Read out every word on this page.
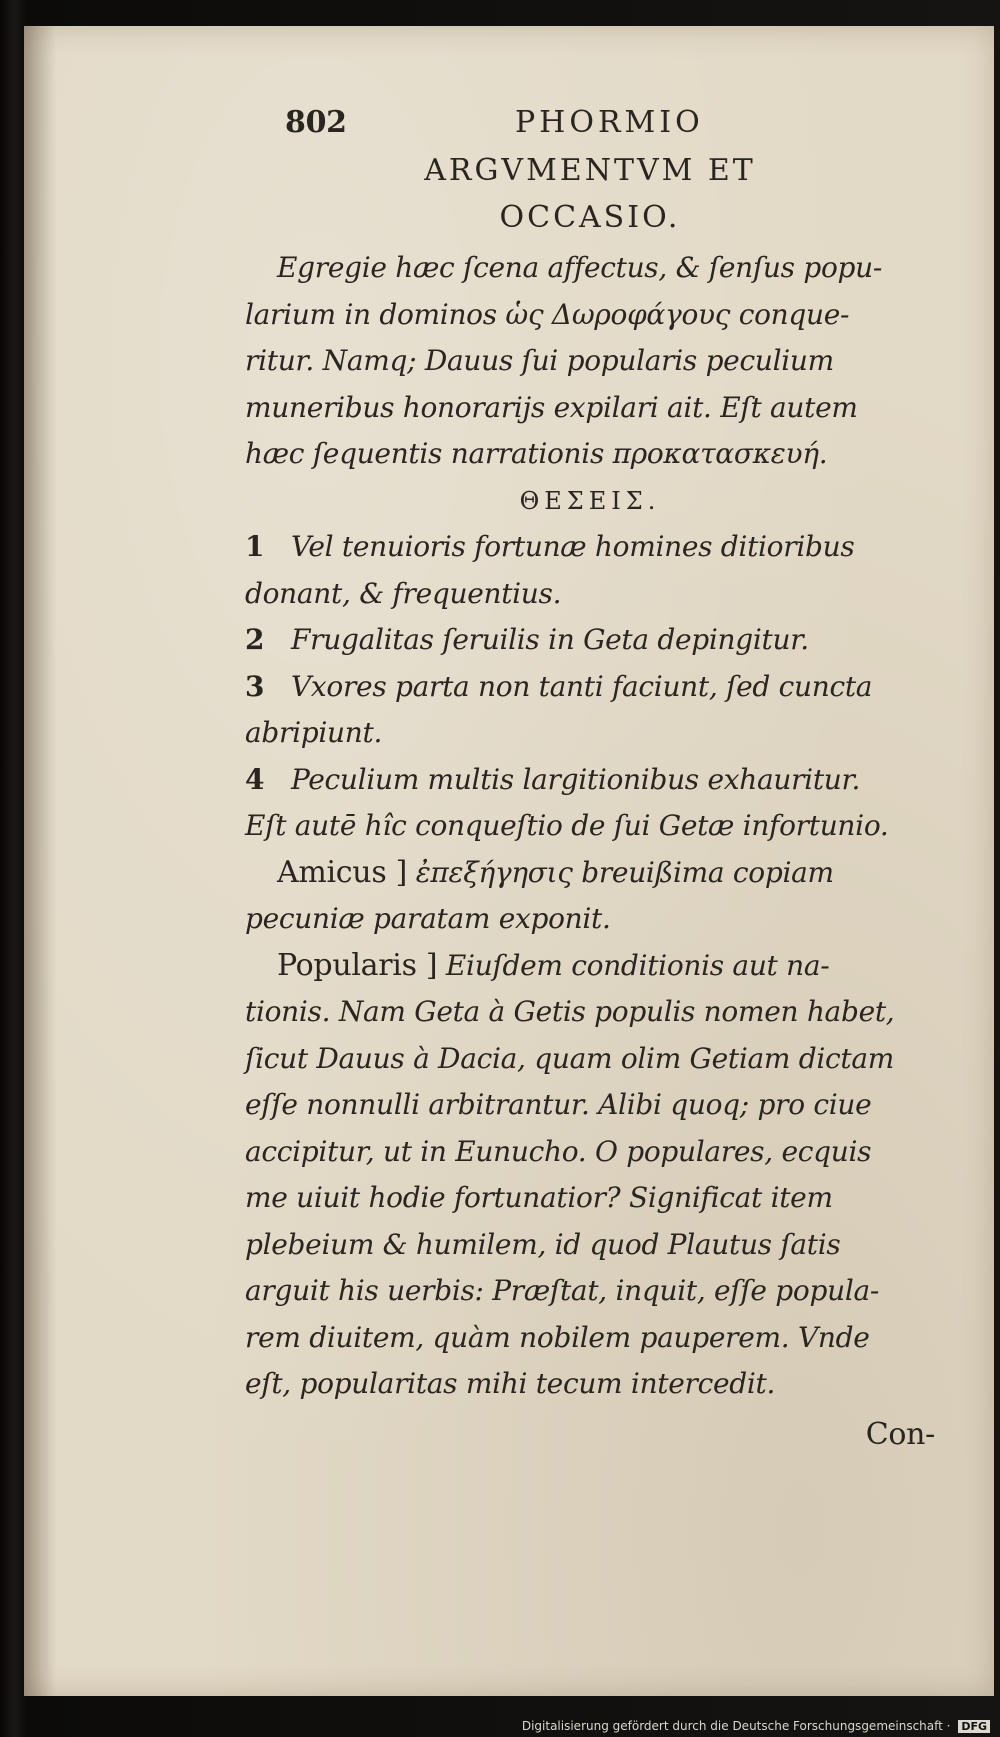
802	PHORMIO
ARGVMENTVM ET
OCCASIO.

Egregie hæc ſcena affectus, & ſenſus popu-

larium in dominos ὡς Δωροφάγους conque-

ritur. Namq; Dauus ſui popularis peculium

muneribus honorarijs expilari ait. Eſt autem

hæc ſequentis narrationis προκατασκευή.

ΘΕΣΕΙΣ.

1 Vel tenuioris fortunæ homines ditioribus

donant, & frequentius.

2 Frugalitas ſeruilis in Geta depingitur.

3 Vxores parta non tanti faciunt, ſed cuncta

abripiunt.

4 Peculium multis largitionibus exhauritur.

Eſt autē hîc conqueſtio de ſui Getæ infortunio.

Amicus ] ἐπεξήγησις breuißima copiam

pecuniæ paratam exponit.

Popularis ] Eiuſdem conditionis aut na-

tionis. Nam Geta à Getis populis nomen habet,

ſicut Dauus à Dacia, quam olim Getiam dictam

eſſe nonnulli arbitrantur. Alibi quoq; pro ciue

accipitur, ut in Eunucho. O populares, ecquis

me uiuit hodie fortunatior? Significat item

plebeium & humilem, id quod Plautus ſatis

arguit his uerbis: Præſtat, inquit, eſſe popula-

rem diuitem, quàm nobilem pauperem. Vnde

eſt, popularitas mihi tecum intercedit.

Con-
Digitalisierung gefördert durch die Deutsche Forschungsgemeinschaft · DFG
